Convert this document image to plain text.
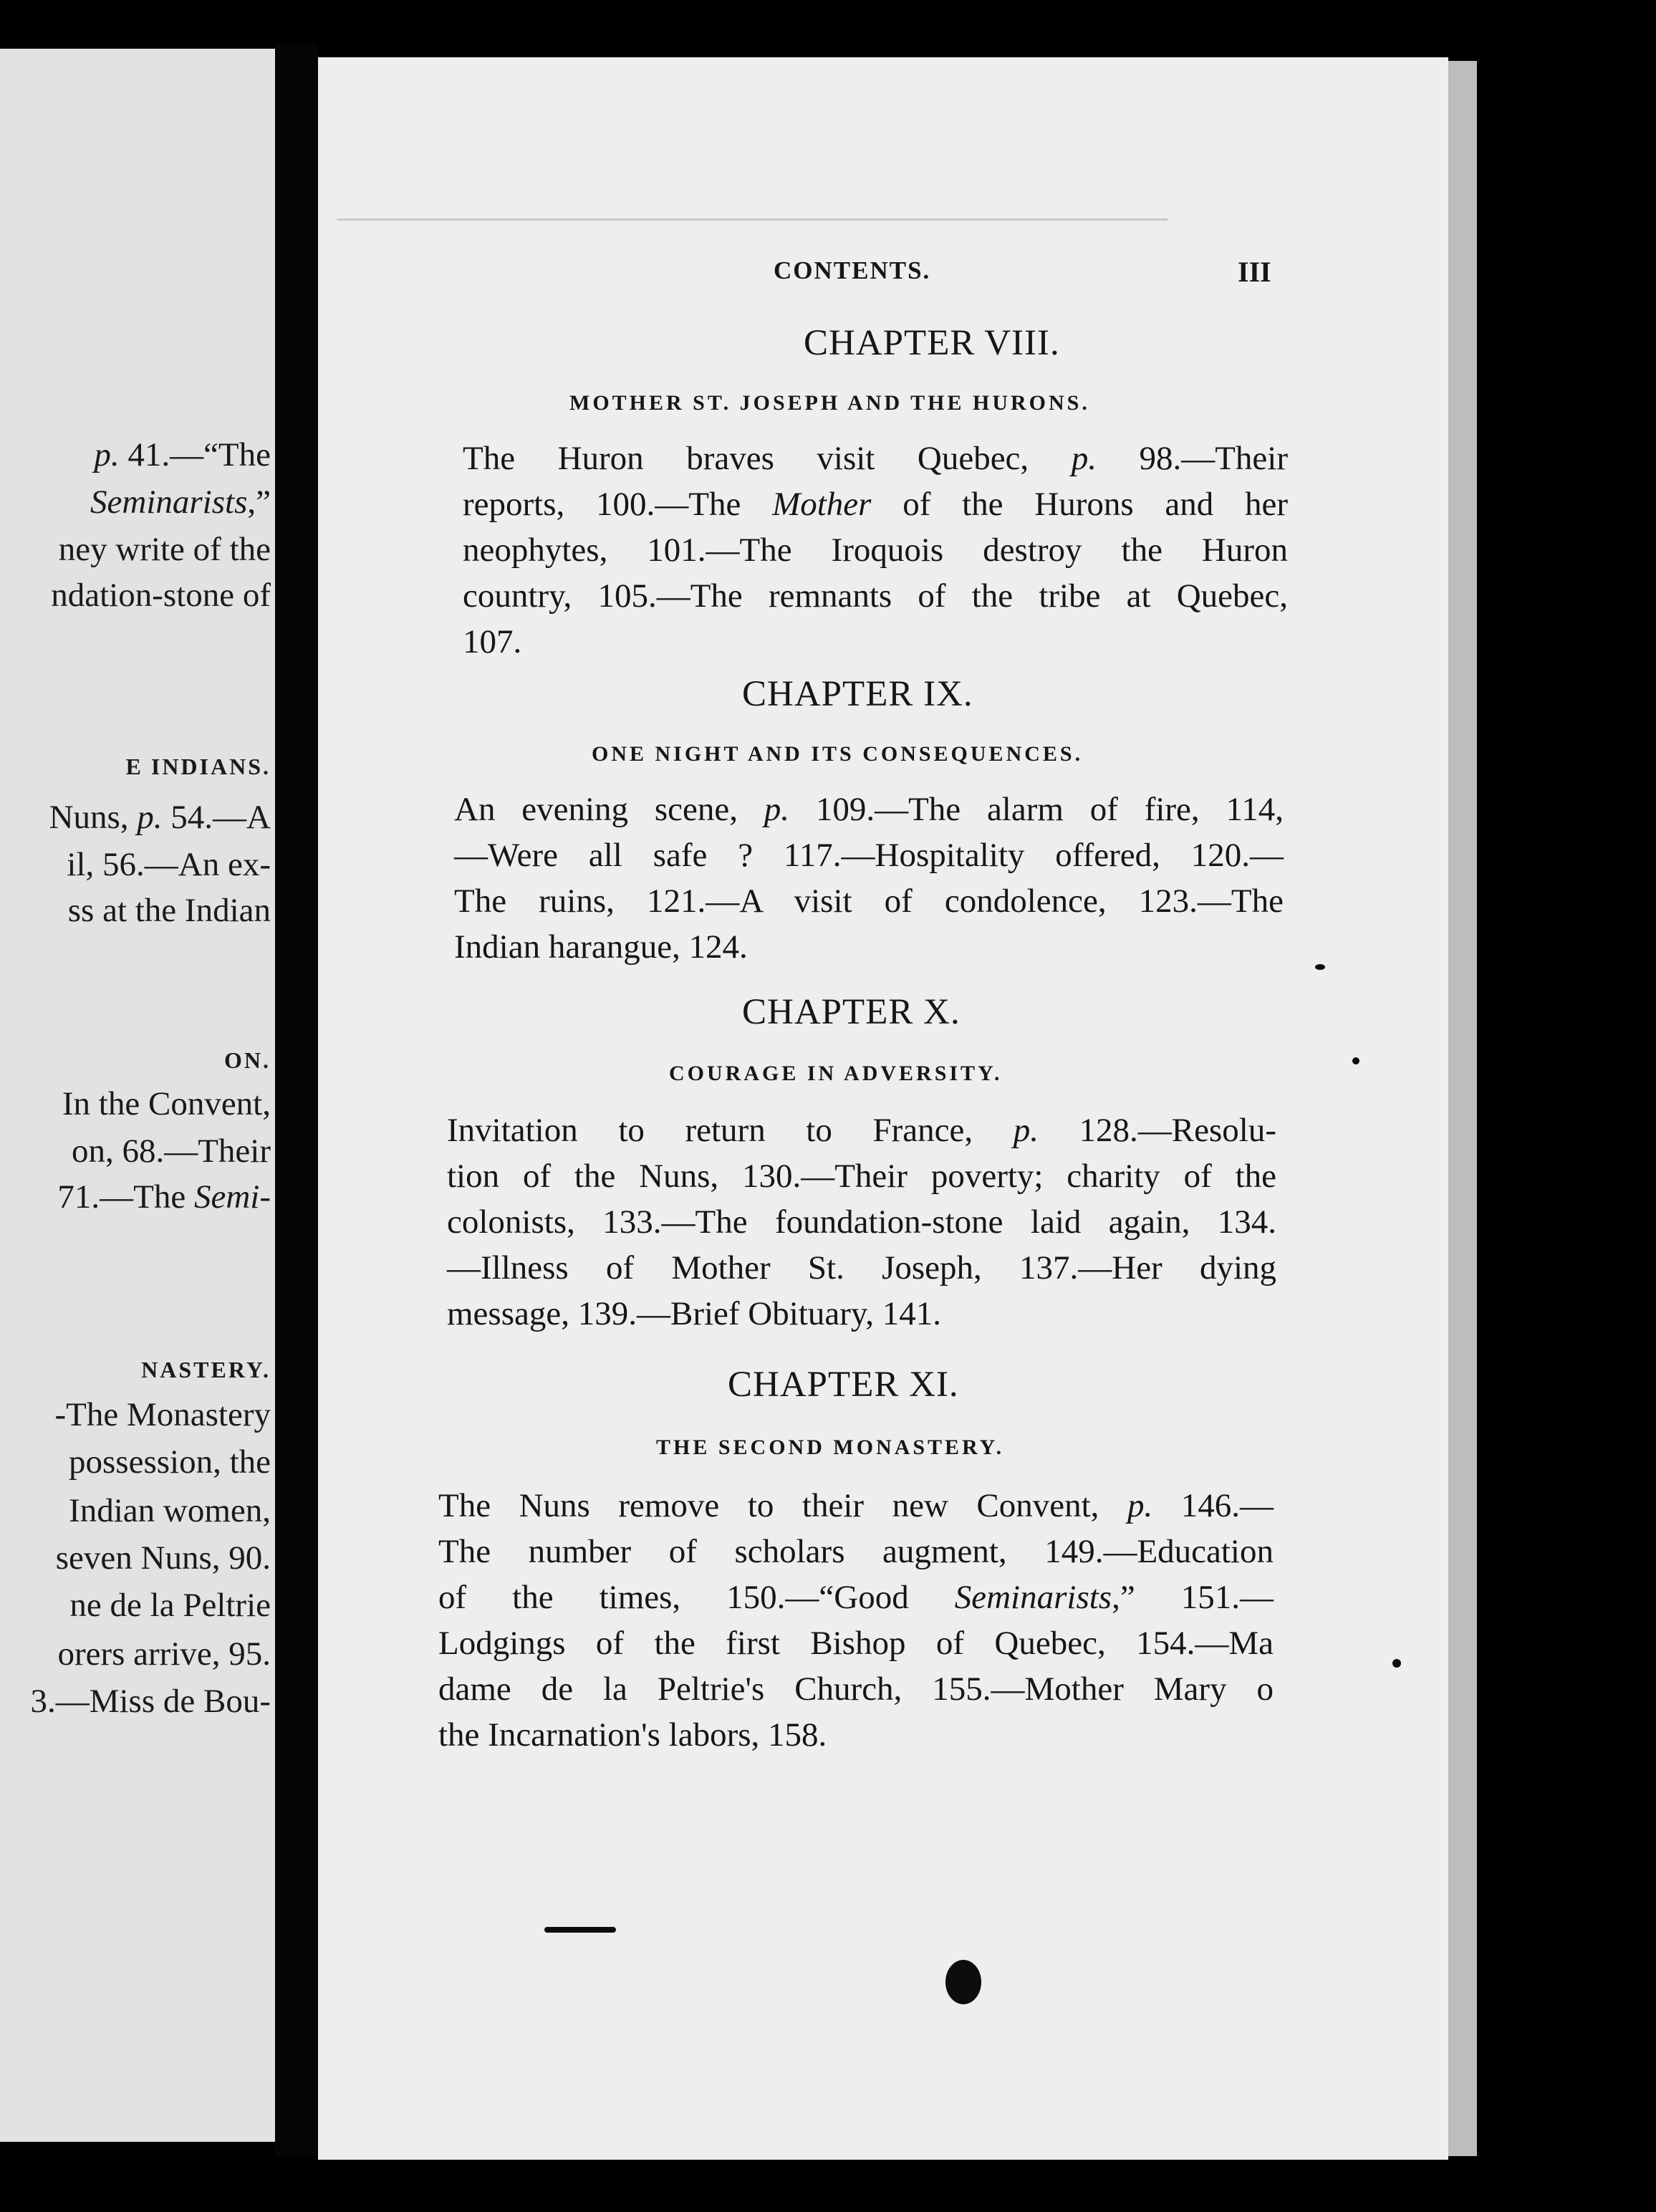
p. 41.—“The
Seminarists,”
ney write of the
ndation-stone of
E INDIANS.
Nuns, p. 54.—A
il, 56.—An ex-
ss at the Indian
ON.
In the Convent,
on, 68.—Their
71.—The Semi-
NASTERY.
-The Monastery
possession, the
Indian women,
seven Nuns, 90.
ne de la Peltrie
orers arrive, 95.
3.—Miss de Bou-
CONTENTS.	III
CHAPTER VIII.
MOTHER ST. JOSEPH AND THE HURONS.
The Huron braves visit Quebec, p. 98.—Their
reports, 100.—The Mother of the Hurons and her
neophytes, 101.—The Iroquois destroy the Huron
country, 105.—The remnants of the tribe at Quebec,
107.
CHAPTER IX.
ONE NIGHT AND ITS CONSEQUENCES.
An evening scene, p. 109.—The alarm of fire, 114,
—Were all safe ? 117.—Hospitality offered, 120.—
The ruins, 121.—A visit of condolence, 123.—The
Indian harangue, 124.
CHAPTER X.
COURAGE IN ADVERSITY.
Invitation to return to France, p. 128.—Resolu-
tion of the Nuns, 130.—Their poverty; charity of the
colonists, 133.—The foundation-stone laid again, 134.
—Illness of Mother St. Joseph, 137.—Her dying
message, 139.—Brief Obituary, 141.
CHAPTER XI.
THE SECOND MONASTERY.
The Nuns remove to their new Convent, p. 146.—
The number of scholars augment, 149.—Education
of the times, 150.—“Good Seminarists,” 151.—
Lodgings of the first Bishop of Quebec, 154.—Ma
dame de la Peltrie's Church, 155.—Mother Mary o
the Incarnation's labors, 158.
